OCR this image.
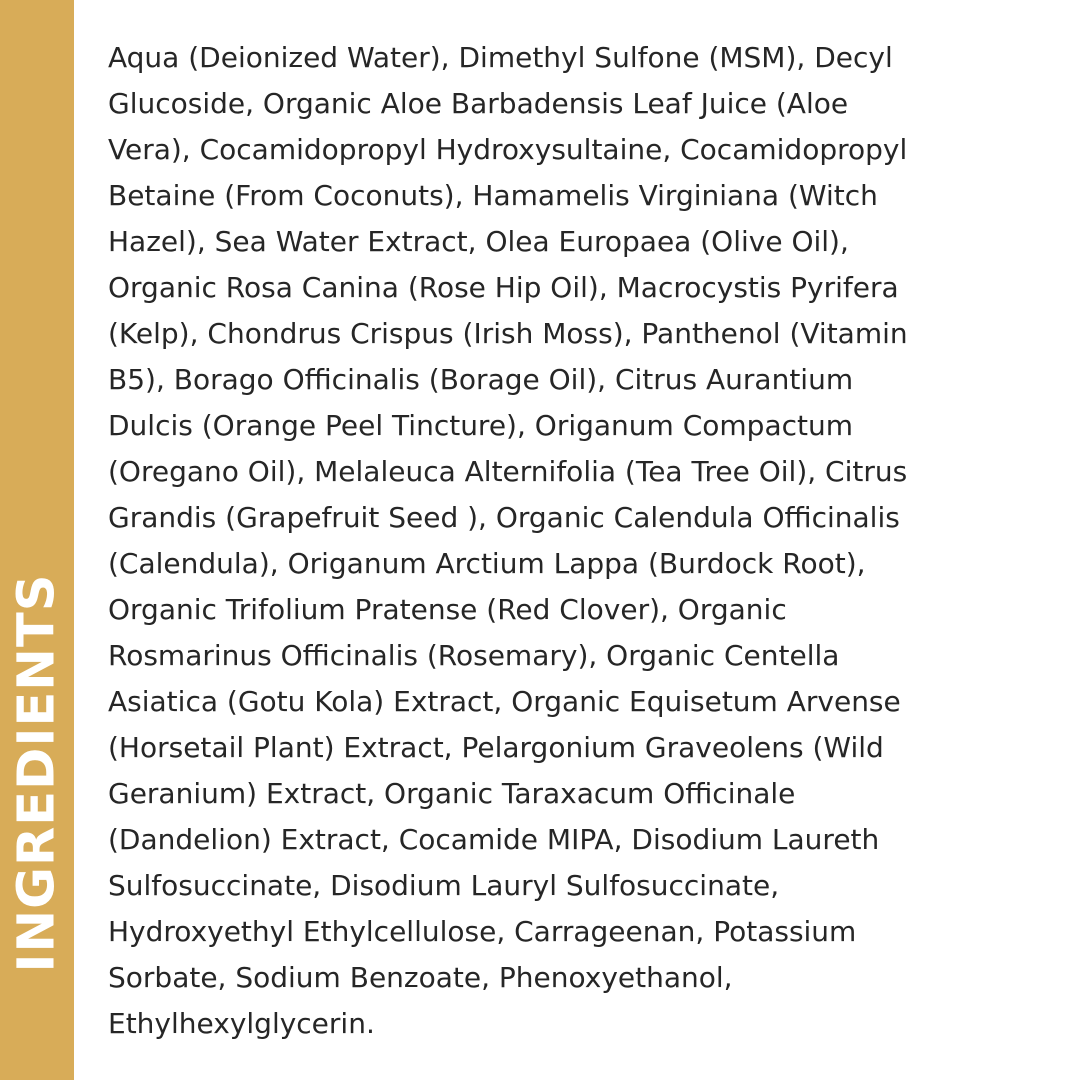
INGREDIENTS
Aqua (Deionized Water), Dimethyl Sulfone (MSM), Decyl
Glucoside, Organic Aloe Barbadensis Leaf Juice (Aloe
Vera), Cocamidopropyl Hydroxysultaine, Cocamidopropyl
Betaine (From Coconuts), Hamamelis Virginiana (Witch
Hazel), Sea Water Extract, Olea Europaea (Olive Oil),
Organic Rosa Canina (Rose Hip Oil), Macrocystis Pyrifera
(Kelp), Chondrus Crispus (Irish Moss), Panthenol (Vitamin
B5), Borago Officinalis (Borage Oil), Citrus Aurantium
Dulcis (Orange Peel Tincture), Origanum Compactum
(Oregano Oil), Melaleuca Alternifolia (Tea Tree Oil), Citrus
Grandis (Grapefruit Seed ), Organic Calendula Officinalis
(Calendula), Origanum Arctium Lappa (Burdock Root),
Organic Trifolium Pratense (Red Clover), Organic
Rosmarinus Officinalis (Rosemary), Organic Centella
Asiatica (Gotu Kola) Extract, Organic Equisetum Arvense
(Horsetail Plant) Extract, Pelargonium Graveolens (Wild
Geranium) Extract, Organic Taraxacum Officinale
(Dandelion) Extract, Cocamide MIPA, Disodium Laureth
Sulfosuccinate, Disodium Lauryl Sulfosuccinate,
Hydroxyethyl Ethylcellulose, Carrageenan, Potassium
Sorbate, Sodium Benzoate, Phenoxyethanol,
Ethylhexylglycerin.
